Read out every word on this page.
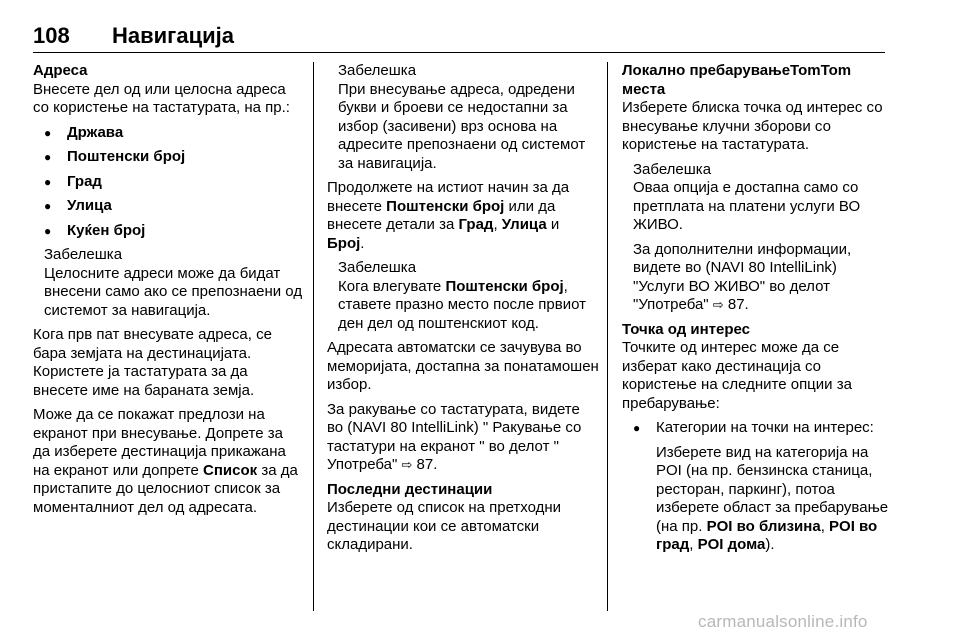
108 Навигација

Адреса
Внесете дел од или целосна адреса со користење на тастатурата, на пр.:

● Држава
● Поштенски број
● Град
● Улица
● Куќен број
Забелешка
Целосните адреси може да бидат внесени само ако се препознаени од системот за навигација.

Кога прв пат внесувате адреса, се бара земјата на дестинацијата. Користете ја тастатурата за да внесете име на бараната земја.

Може да се покажат предлози на екранот при внесување. Допрете за да изберете дестинација прикажана на екранот или допрете Список за да пристапите до целосниот список за моменталниот дел од адресата.

Забелешка
При внесување адреса, одредени букви и броеви се недостапни за избор (засивени) врз основа на адресите препознаени од системот за навигација.

Продолжете на истиот начин за да внесете Поштенски број или да внесете детали за Град, Улица и Број.

Забелешка
Кога влегувате Поштенски број, ставете празно место после првиот ден дел од поштенскиот код.

Адресата автоматски се зачувува во меморијата, достапна за понатамошен избор.

За ракување со тастатурата, видете во (NAVI 80 IntelliLink) " Ракување со тастатури на екранот " во делот " Употреба" ⇨ 87.

Последни дестинации
Изберете од список на претходни дестинации кои се автоматски складирани.

Локално пребарувањеTomTom места
Изберете блиска точка од интерес со внесување клучни зборови со користење на тастатурата.

Забелешка

Оваа опција е достапна само со претплата на платени услуги ВО ЖИВО.

За дополнителни информации, видете во (NAVI 80 IntelliLink) "Услуги ВО ЖИВО" во делот "Употреба" ⇨ 87.

Точка од интерес
Точките од интерес може да се изберат како дестинација со користење на следните опции за пребарување:

● Категории на точки на интерес:

Изберете вид на категорија на POI (на пр. бензинска станица, ресторан, паркинг), потоа изберете област за пребарување (на пр. POI во близина, POI во град, POI дома).

carmanualsonline.info
